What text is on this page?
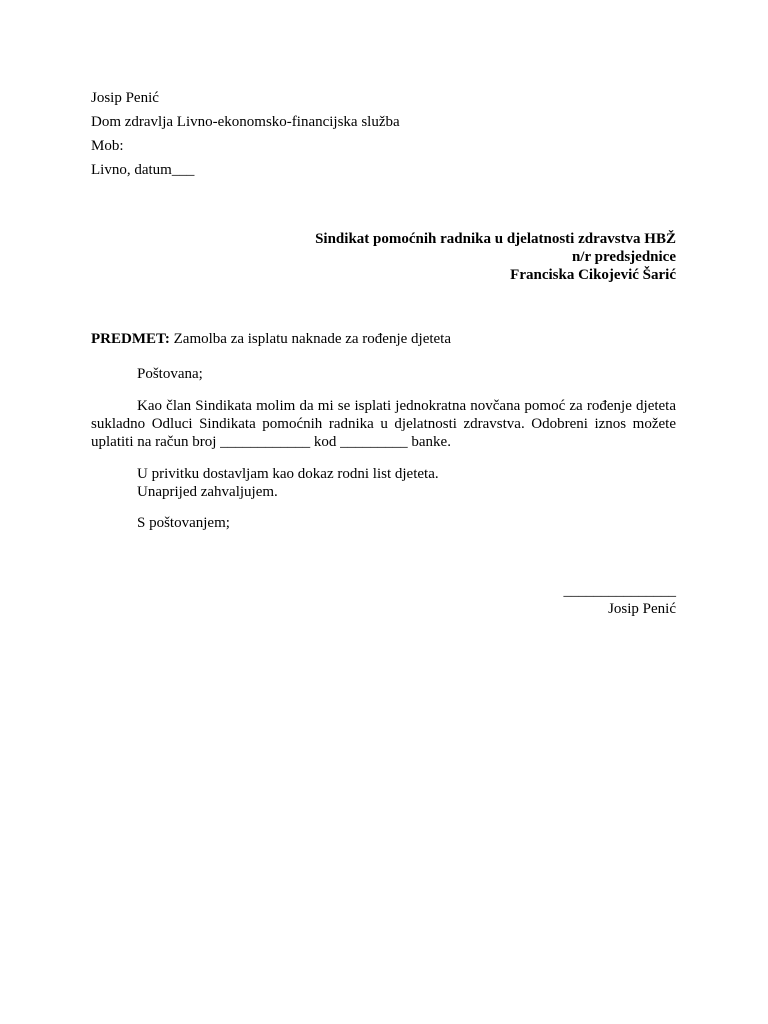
Josip Penić
Dom zdravlja Livno-ekonomsko-financijska služba
Mob:
Livno, datum___
Sindikat pomoćnih radnika u djelatnosti zdravstva HBŽ
n/r predsjednice
Franciska Cikojević Šarić
PREDMET: Zamolba za isplatu naknade za rođenje djeteta
Poštovana;
Kao član Sindikata molim da mi se isplati jednokratna novčana pomoć za rođenje djeteta sukladno Odluci Sindikata pomoćnih radnika u djelatnosti zdravstva. Odobreni iznos možete uplatiti na račun broj ____________ kod _________ banke.
U privitku dostavljam kao dokaz rodni list djeteta.
Unaprijed zahvaljujem.
S poštovanjem;
_______________
Josip Penić
